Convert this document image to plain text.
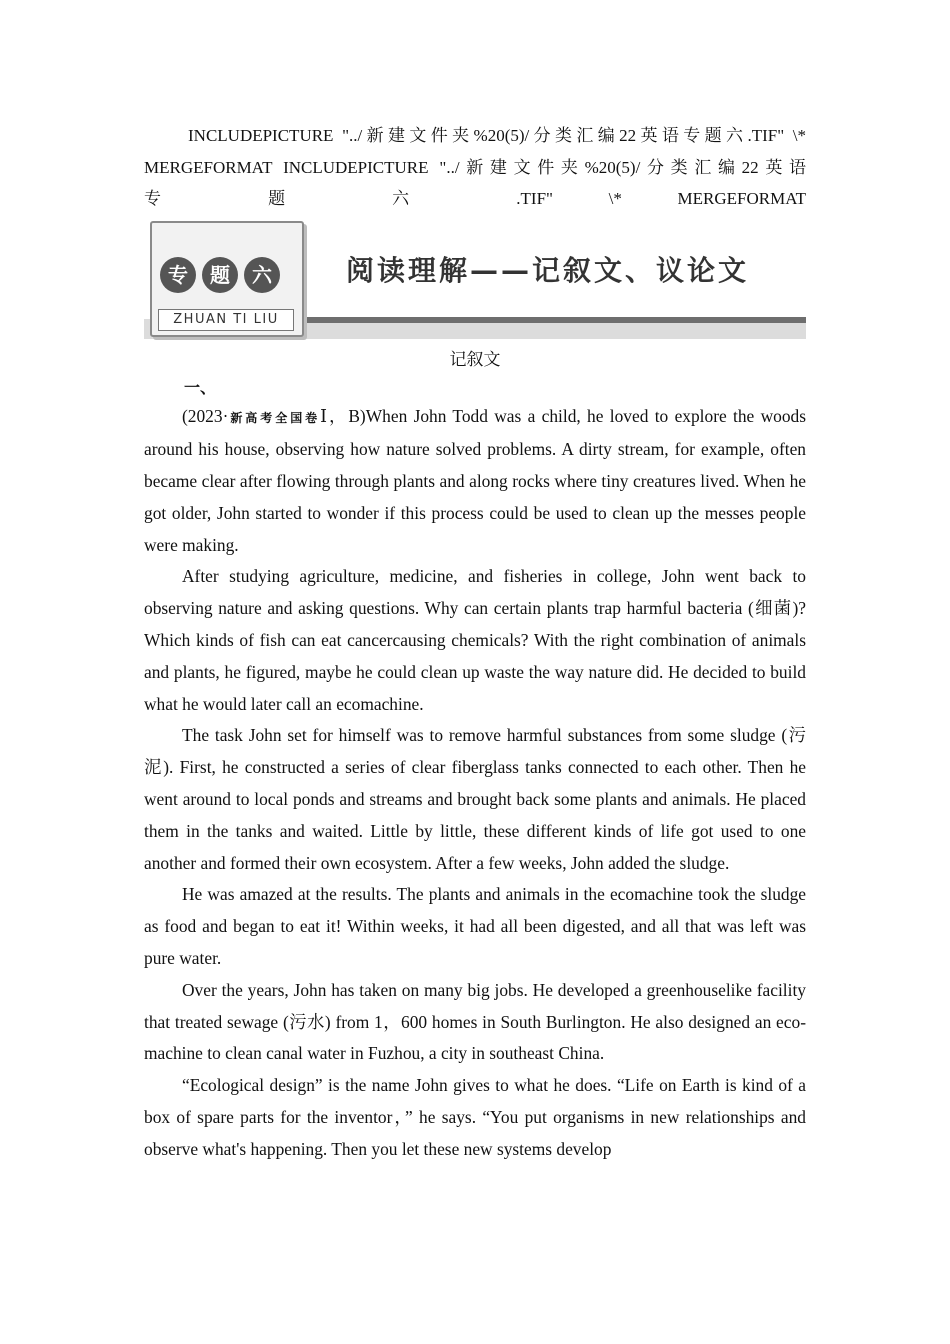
INCLUDEPICTURE "../新建文件夹%20(5)/分类汇编22英语专题六.TIF" \*

MERGEFORMAT INCLUDEPICTURE "../新建文件夹%20(5)/分类汇编22英语

专 题 六 .TIF" \* MERGEFORMAT

专	题	六
ZHUAN TI LIU
阅读理解——记叙文、议论文

记叙文

一、

(2023·新高考全国卷Ⅰ，B)When John Todd was a child, he loved to explore the woods around his house, observing how nature solved problems. A dirty stream, for example, often became clear after flowing through plants and along rocks where tiny creatures lived. When he got older, John started to wonder if this process could be used to clean up the messes people were making.

After studying agriculture, medicine, and fisheries in college, John went back to observing nature and asking questions. Why can certain plants trap harmful bacteria (细菌)? Which kinds of fish can eat cancercausing chemicals? With the right combination of animals and plants, he figured, maybe he could clean up waste the way nature did. He decided to build what he would later call an ecomachine.

The task John set for himself was to remove harmful substances from some sludge (污泥). First, he constructed a series of clear fiberglass tanks connected to each other. Then he went around to local ponds and streams and brought back some plants and animals. He placed them in the tanks and waited. Little by little, these different kinds of life got used to one another and formed their own ecosystem. After a few weeks, John added the sludge.

He was amazed at the results. The plants and animals in the ecomachine took the sludge as food and began to eat it! Within weeks, it had all been digested, and all that was left was pure water.

Over the years, John has taken on many big jobs. He developed a greenhouselike facility that treated sewage (污水) from 1，600 homes in South Burlington. He also designed an ecomachine to clean canal water in Fuzhou, a city in southeast China.

“Ecological design” is the name John gives to what he does. “Life on Earth is kind of a box of spare parts for the inventor，” he says. “You put organisms in new relationships and observe what's happening. Then you let these new systems develop
